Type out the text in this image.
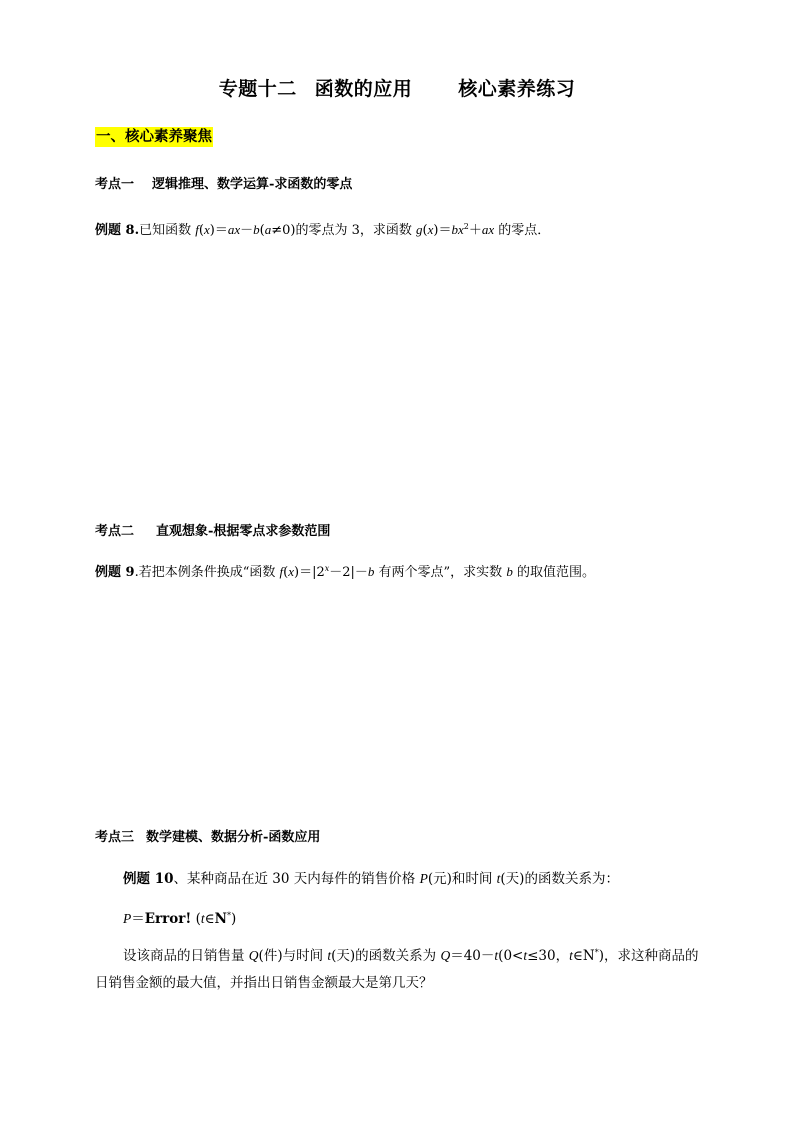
专题十二 函数的应用 核心素养练习
一、核心素养聚焦
考点一 逻辑推理、数学运算-求函数的零点
例题 8.已知函数 f(x)＝ax－b(a≠0)的零点为 3，求函数 $g(x)=bx^2+ax$ 的零点．
考点二 直观想象-根据零点求参数范围
例题 9.若把本例条件换成“函数 $f(x)=|2^x-2|-b$ 有两个零点”，求实数 b 的取值范围。
考点三 数学建模、数据分析-函数应用
例题 10、某种商品在近 30 天内每件的销售价格 P(元)和时间 t(天)的函数关系为：
P＝Error! (t∈N*)
设该商品的日销售量 Q(件)与时间 t(天)的函数关系为 Q＝40－t(0<t≤30，t∈N*)，求这种商品的日销售金额的最大值，并指出日销售金额最大是第几天？
